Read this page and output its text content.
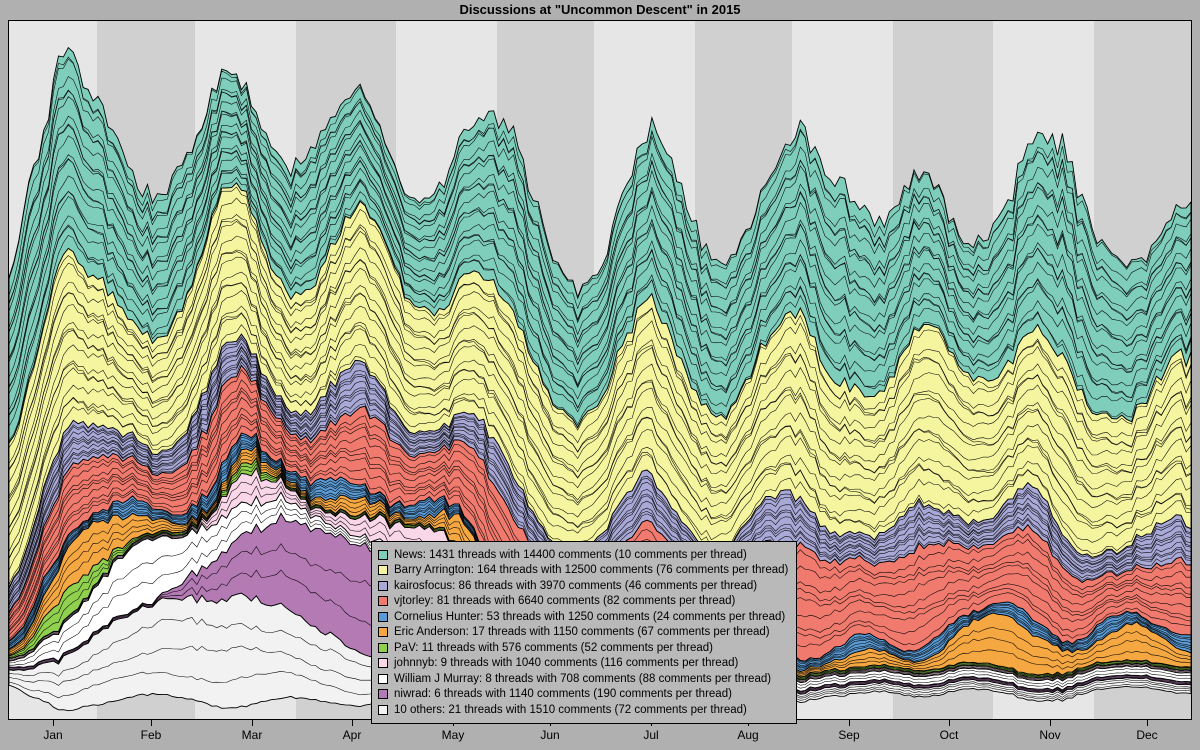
Discussions at "Uncommon Descent" in 2015
Jan	Feb	Mar	Apr	May	Jun	Jul	Aug	Sep	Oct	Nov	Dec
News: 1431 threads with 14400 comments (10 comments per thread)
Barry Arrington: 164 threads with 12500 comments (76 comments per thread)
kairosfocus: 86 threads with 3970 comments (46 comments per thread)
vjtorley: 81 threads with 6640 comments (82 comments per thread)
Cornelius Hunter: 53 threads with 1250 comments (24 comments per thread)
Eric Anderson: 17 threads with 1150 comments (67 comments per thread)
PaV: 11 threads with 576 comments (52 comments per thread)
johnnyb: 9 threads with 1040 comments (116 comments per thread)
William J Murray: 8 threads with 708 comments (88 comments per thread)
niwrad: 6 threads with 1140 comments (190 comments per thread)
10 others: 21 threads with 1510 comments (72 comments per thread)
